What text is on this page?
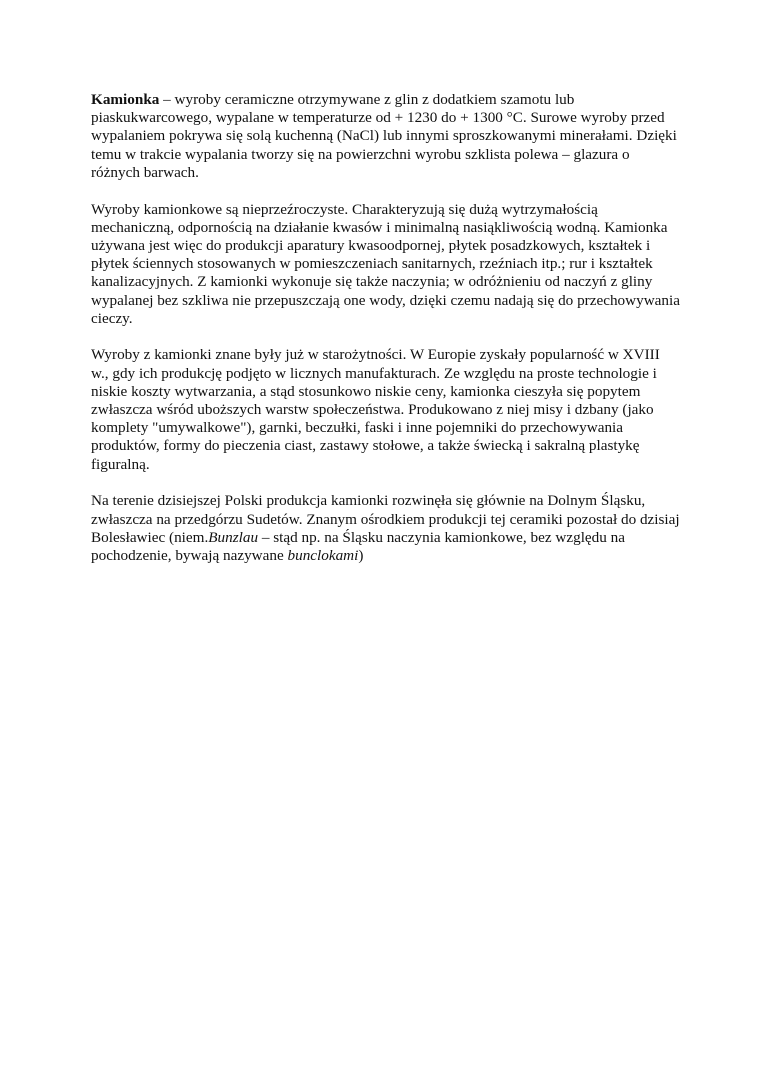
Kamionka – wyroby ceramiczne otrzymywane z glin z dodatkiem szamotu lub piaskukwarcowego, wypalane w temperaturze od + 1230 do + 1300 °C. Surowe wyroby przed wypalaniem pokrywa się solą kuchenną (NaCl) lub innymi sproszkowanymi minerałami. Dzięki temu w trakcie wypalania tworzy się na powierzchni wyrobu szklista polewa – glazura o różnych barwach.

Wyroby kamionkowe są nieprzeźroczyste. Charakteryzują się dużą wytrzymałością mechaniczną, odpornością na działanie kwasów i minimalną nasiąkliwością wodną. Kamionka używana jest więc do produkcji aparatury kwasoodpornej, płytek posadzkowych, kształtek i płytek ściennych stosowanych w pomieszczeniach sanitarnych, rzeźniach itp.; rur i kształtek kanalizacyjnych. Z kamionki wykonuje się także naczynia; w odróżnieniu od naczyń z gliny wypalanej bez szkliwa nie przepuszczają one wody, dzięki czemu nadają się do przechowywania cieczy.

Wyroby z kamionki znane były już w starożytności. W Europie zyskały popularność w XVIII w., gdy ich produkcję podjęto w licznych manufakturach. Ze względu na proste technologie i niskie koszty wytwarzania, a stąd stosunkowo niskie ceny, kamionka cieszyła się popytem zwłaszcza wśród uboższych warstw społeczeństwa. Produkowano z niej misy i dzbany (jako komplety "umywalkowe"), garnki, beczułki, faski i inne pojemniki do przechowywania produktów, formy do pieczenia ciast, zastawy stołowe, a także świecką i sakralną plastykę figuralną.

Na terenie dzisiejszej Polski produkcja kamionki rozwinęła się głównie na Dolnym Śląsku, zwłaszcza na przedgórzu Sudetów. Znanym ośrodkiem produkcji tej ceramiki pozostał do dzisiaj Bolesławiec (niem.Bunzlau – stąd np. na Śląsku naczynia kamionkowe, bez względu na pochodzenie, bywają nazywane bunclokami)
